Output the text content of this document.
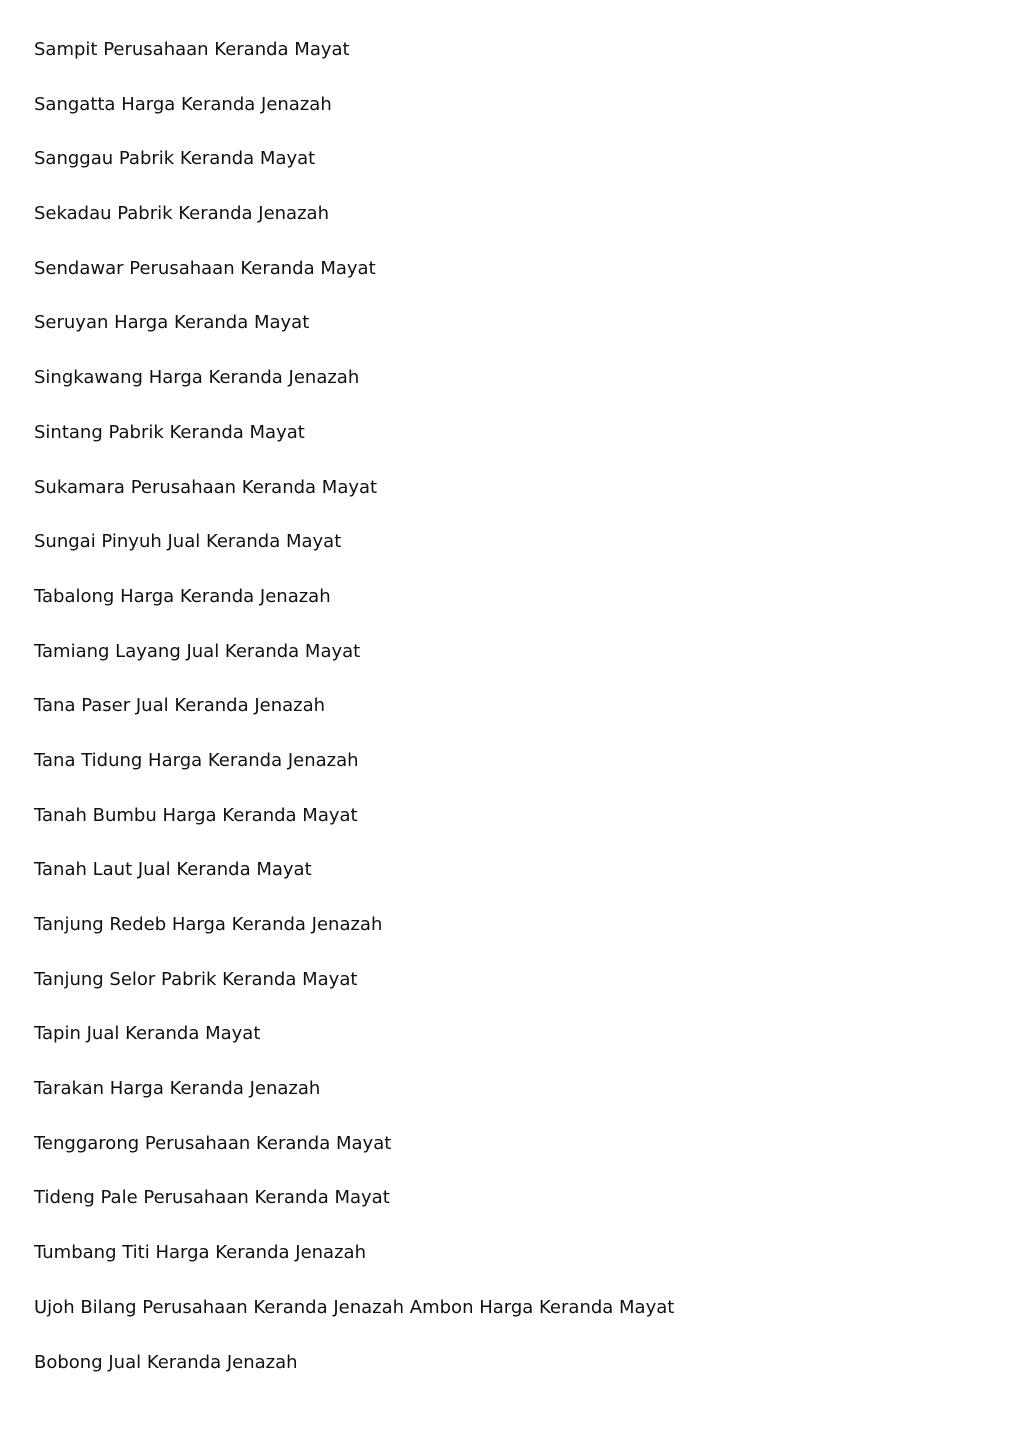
Sampit Perusahaan Keranda Mayat

Sangatta Harga Keranda Jenazah

Sanggau Pabrik Keranda Mayat

Sekadau Pabrik Keranda Jenazah

Sendawar Perusahaan Keranda Mayat

Seruyan Harga Keranda Mayat

Singkawang Harga Keranda Jenazah

Sintang Pabrik Keranda Mayat

Sukamara Perusahaan Keranda Mayat

Sungai Pinyuh Jual Keranda Mayat

Tabalong Harga Keranda Jenazah

Tamiang Layang Jual Keranda Mayat

Tana Paser Jual Keranda Jenazah

Tana Tidung Harga Keranda Jenazah

Tanah Bumbu Harga Keranda Mayat

Tanah Laut Jual Keranda Mayat

Tanjung Redeb Harga Keranda Jenazah

Tanjung Selor Pabrik Keranda Mayat

Tapin Jual Keranda Mayat

Tarakan Harga Keranda Jenazah

Tenggarong Perusahaan Keranda Mayat

Tideng Pale Perusahaan Keranda Mayat

Tumbang Titi Harga Keranda Jenazah

Ujoh Bilang Perusahaan Keranda Jenazah Ambon Harga Keranda Mayat

Bobong Jual Keranda Jenazah
